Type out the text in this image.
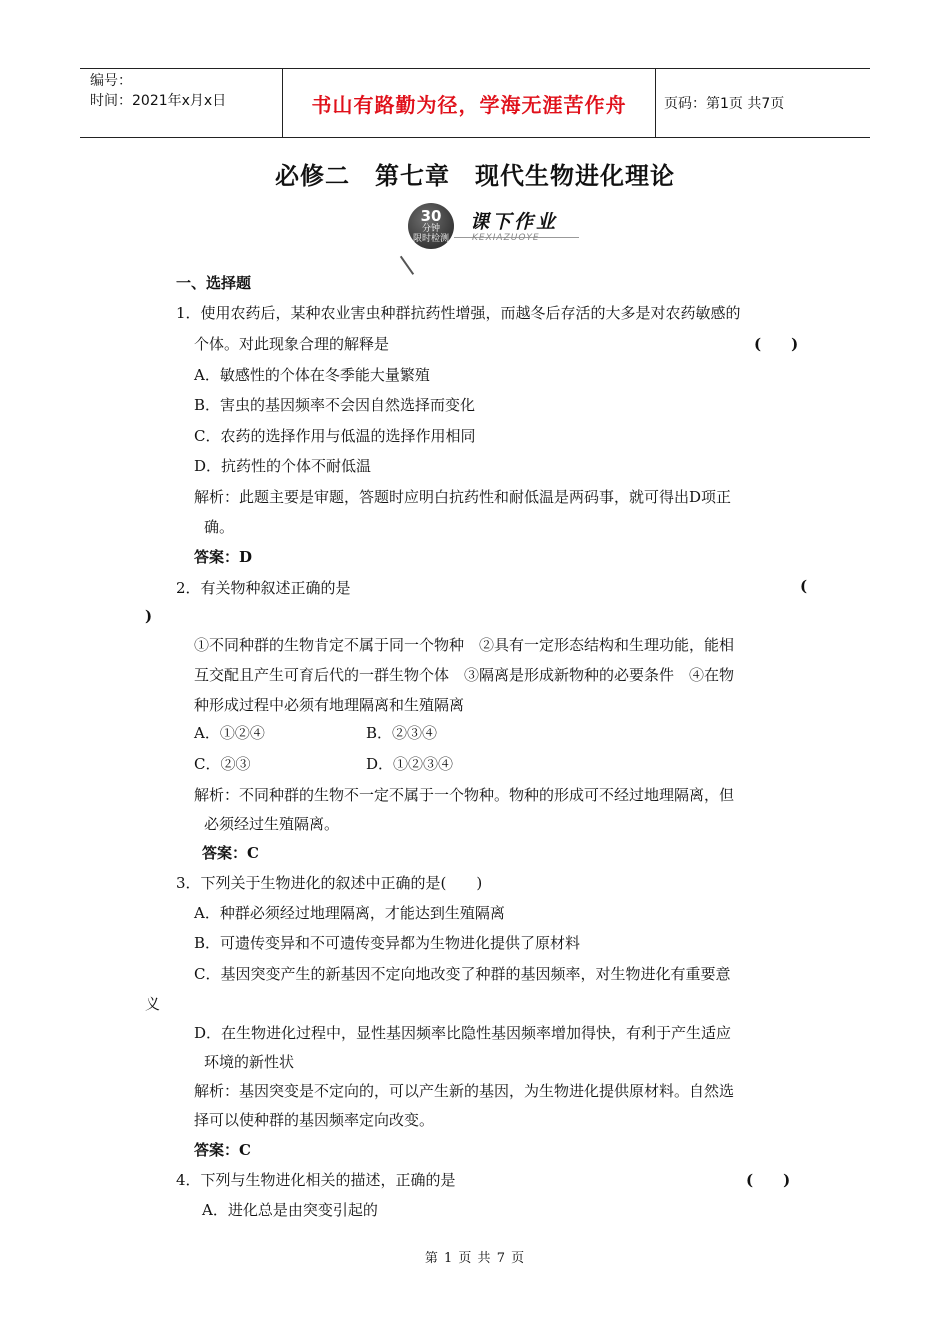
编号：
时间：2021年x月x日	书山有路勤为径，学海无涯苦作舟	页码：第1页 共7页
必修二　第七章　现代生物进化理论
30
分钟
限时检测
课下作业
KEXIAZUOYE
一、选择题
1．使用农药后，某种农业害虫种群抗药性增强，而越冬后存活的大多是对农药敏感的
个体。对此现象合理的解释是	(　　)
A．敏感性的个体在冬季能大量繁殖
B．害虫的基因频率不会因自然选择而变化
C．农药的选择作用与低温的选择作用相同
D．抗药性的个体不耐低温
解析：此题主要是审题，答题时应明白抗药性和耐低温是两码事，就可得出D项正
确。
答案：D
2．有关物种叙述正确的是	(
)
①不同种群的生物肯定不属于同一个物种　②具有一定形态结构和生理功能，能相
互交配且产生可育后代的一群生物个体　③隔离是形成新物种的必要条件　④在物
种形成过程中必须有地理隔离和生殖隔离
A．①②④	B．②③④
C．②③	D．①②③④
解析：不同种群的生物不一定不属于一个物种。物种的形成可不经过地理隔离，但
必须经过生殖隔离。
答案：C
3．下列关于生物进化的叙述中正确的是(　　)
A．种群必须经过地理隔离，才能达到生殖隔离
B．可遗传变异和不可遗传变异都为生物进化提供了原材料
C．基因突变产生的新基因不定向地改变了种群的基因频率，对生物进化有重要意
义
D．在生物进化过程中，显性基因频率比隐性基因频率增加得快，有利于产生适应
环境的新性状
解析：基因突变是不定向的，可以产生新的基因，为生物进化提供原材料。自然选
择可以使种群的基因频率定向改变。
答案：C
4．下列与生物进化相关的描述，正确的是	(　　)
A．进化总是由突变引起的
第 1 页 共 7 页
